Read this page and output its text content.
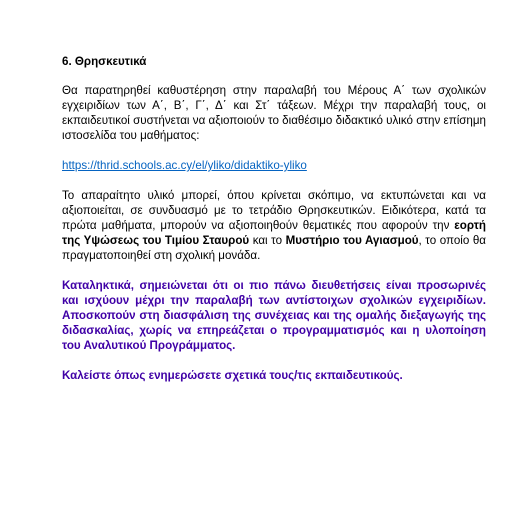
6. Θρησκευτικά
Θα παρατηρηθεί καθυστέρηση στην παραλαβή του Μέρους Α΄ των σχολικών εγχειριδίων των Α΄, Β΄, Γ΄, Δ΄ και Στ΄ τάξεων. Μέχρι την παραλαβή τους, οι εκπαιδευτικοί συστήνεται να αξιοποιούν το διαθέσιμο διδακτικό υλικό στην επίσημη ιστοσελίδα του μαθήματος:
https://thrid.schools.ac.cy/el/yliko/didaktiko-yliko
Το απαραίτητο υλικό μπορεί, όπου κρίνεται σκόπιμο, να εκτυπώνεται και να αξιοποιείται, σε συνδυασμό με το τετράδιο Θρησκευτικών. Ειδικότερα, κατά τα πρώτα μαθήματα, μπορούν να αξιοποιηθούν θεματικές που αφορούν την εορτή της Υψώσεως του Τιμίου Σταυρού και το Μυστήριο του Αγιασμού, το οποίο θα πραγματοποιηθεί στη σχολική μονάδα.
Καταληκτικά, σημειώνεται ότι οι πιο πάνω διευθετήσεις είναι προσωρινές και ισχύουν μέχρι την παραλαβή των αντίστοιχων σχολικών εγχειριδίων. Αποσκοπούν στη διασφάλιση της συνέχειας και της ομαλής διεξαγωγής της διδασκαλίας, χωρίς να επηρεάζεται ο προγραμματισμός και η υλοποίηση του Αναλυτικού Προγράμματος.
Καλείστε όπως ενημερώσετε σχετικά τους/τις εκπαιδευτικούς.
